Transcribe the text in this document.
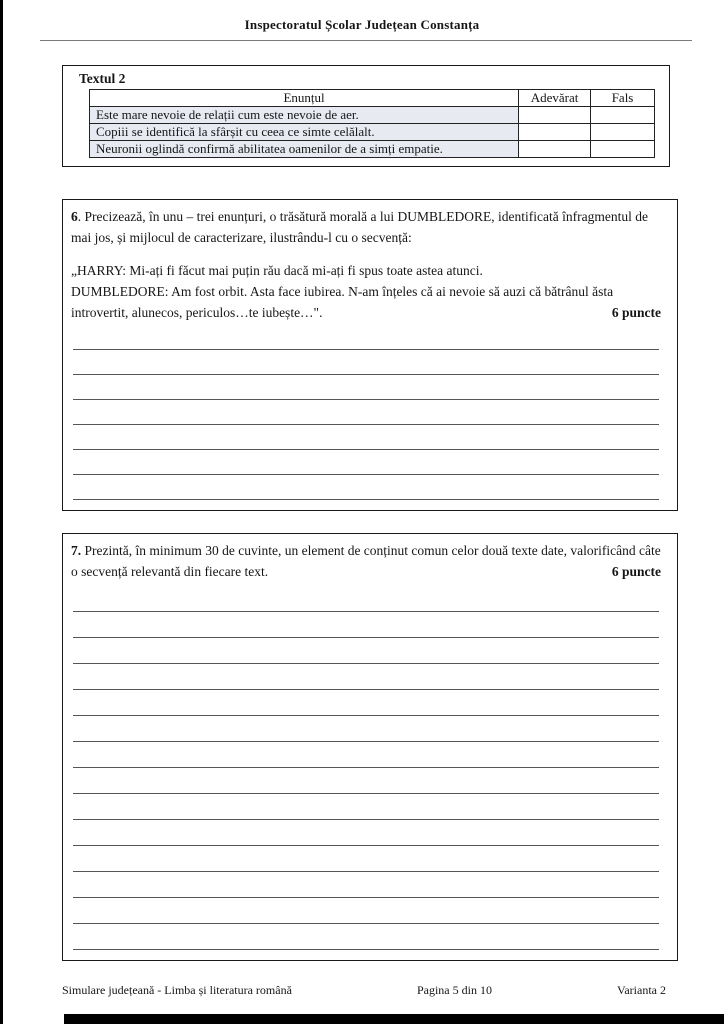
Inspectoratul Școlar Județean Constanța
Textul 2
Enunțul	Adevărat	Fals
Este mare nevoie de relații cum este nevoie de aer.		
Copiii se identifică la sfârșit cu ceea ce simte celălalt.		
Neuronii oglindă confirmă abilitatea oamenilor de a simți empatie.		

6. Precizează, în unu – trei enunțuri, o trăsătură morală a lui DUMBLEDORE, identificată înfragmentul de mai jos, și mijlocul de caracterizare, ilustrându-l cu o secvență:

„HARRY: Mi-ați fi făcut mai puțin rău dacă mi-ați fi spus toate astea atunci.

DUMBLEDORE: Am fost orbit. Asta face iubirea. N-am înțeles că ai nevoie să auzi că bătrânul ăsta introvertit, alunecos, periculos…te iubește…".	6 puncte

7. Prezintă, în minimum 30 de cuvinte, un element de conținut comun celor două texte date, valorificând câte o secvență relevantă din fiecare text.	6 puncte

Simulare județeană - Limba și literatura română	Pagina 5 din 10	Varianta 2
